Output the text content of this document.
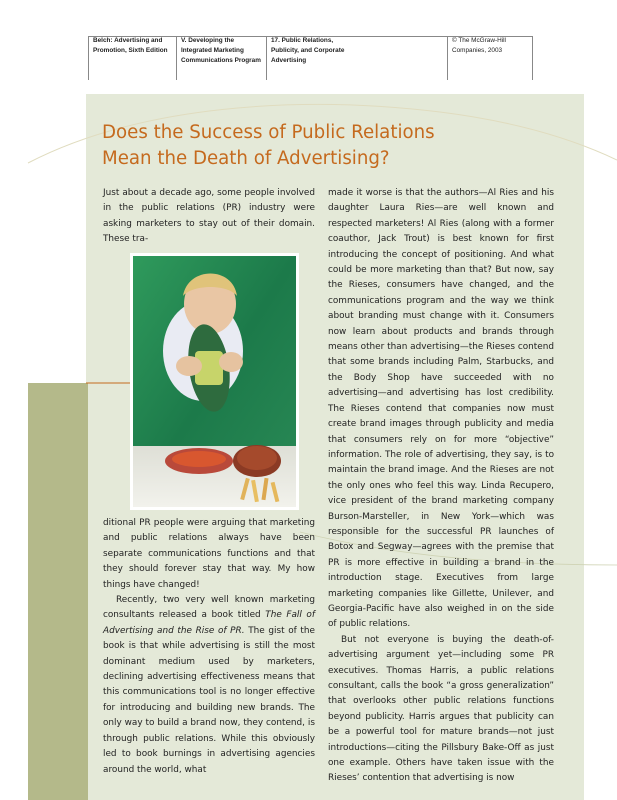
Belch: Advertising and
Promotion, Sixth Edition
V. Developing the
Integrated Marketing
Communications Program
17. Public Relations,
Publicity, and Corporate
Advertising
© The McGraw-Hill
Companies, 2003
Does the Success of Public Relations
Mean the Death of Advertising?

Just about a decade ago, some people involved in the public relations (PR) industry were asking marketers to stay out of their domain. These tra-

ditional PR people were arguing that marketing and public relations always have been separate communications functions and that they should forever stay that way. My how things have changed!

Recently, two very well known marketing consultants released a book titled The Fall of Advertising and the Rise of PR. The gist of the book is that while advertising is still the most dominant medium used by marketers, declining advertising effectiveness means that this communications tool is no longer effective for introducing and building new brands. The only way to build a brand now, they contend, is through public relations. While this obviously led to book burnings in advertising agencies around the world, what

made it worse is that the authors—Al Ries and his daughter Laura Ries—are well known and respected marketers! Al Ries (along with a former coauthor, Jack Trout) is best known for first introducing the concept of positioning. And what could be more marketing than that? But now, say the Rieses, consumers have changed, and the communications program and the way we think about branding must change with it. Consumers now learn about products and brands through means other than advertising—the Rieses contend that some brands including Palm, Starbucks, and the Body Shop have succeeded with no advertising—and advertising has lost credibility. The Rieses contend that companies now must create brand images through publicity and media that consumers rely on for more “objective” information. The role of advertising, they say, is to maintain the brand image. And the Rieses are not the only ones who feel this way. Linda Recupero, vice president of the brand marketing company Burson-Marsteller, in New York—which was responsible for the successful PR launches of Botox and Segway—agrees with the premise that PR is more effective in building a brand in the introduction stage. Executives from large marketing companies like Gillette, Unilever, and Georgia-Pacific have also weighed in on the side of public relations.

But not everyone is buying the death-of-advertising argument yet—including some PR executives. Thomas Harris, a public relations consultant, calls the book “a gross generalization” that overlooks other public relations functions beyond publicity. Harris argues that publicity can be a powerful tool for mature brands—not just introductions—citing the Pillsbury Bake-Off as just one example. Others have taken issue with the Rieses’ contention that advertising is now
